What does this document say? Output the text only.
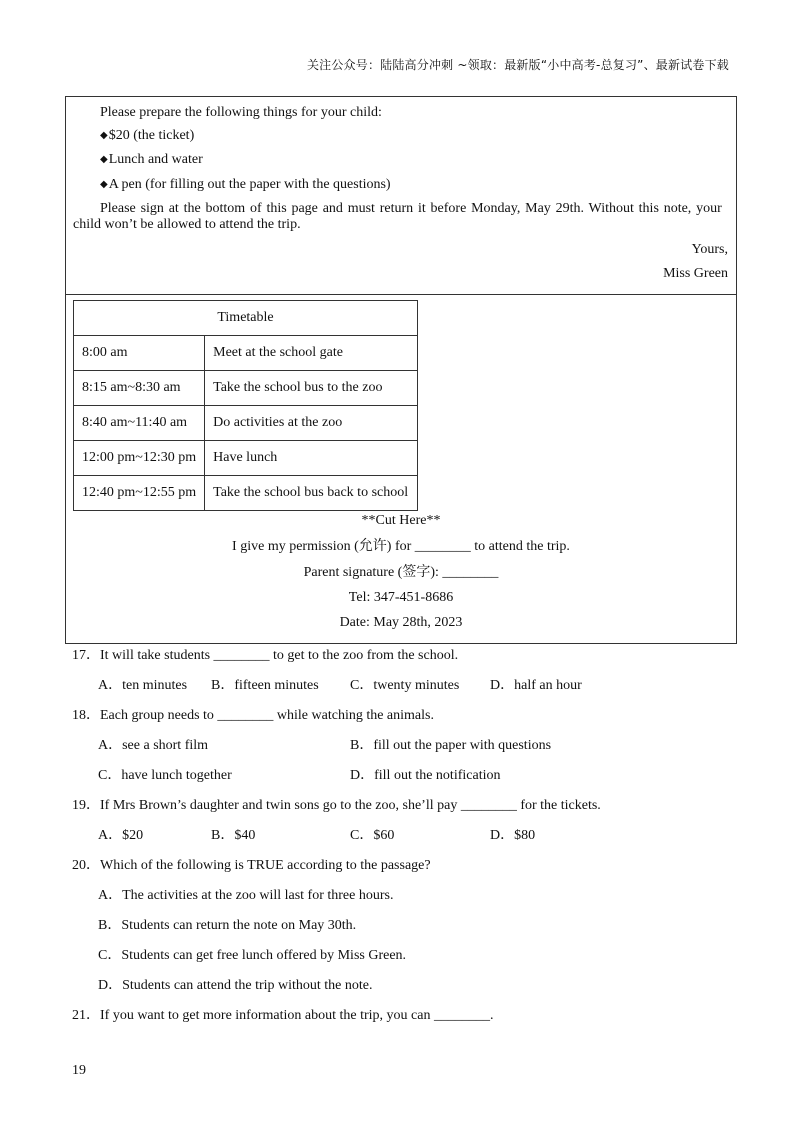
关注公众号：陆陆高分冲刺 ~领取：最新版“小中高考-总复习”、最新试卷下载
Please prepare the following things for your child:
◆$20 (the ticket)
◆Lunch and water
◆A pen (for filling out the paper with the questions)
Please sign at the bottom of this page and must return it before Monday, May 29th. Without this note, your
child won’t be allowed to attend the trip.
Yours,
Miss Green
Timetable	
8:00 am	Meet at the school gate
8:15 am~8:30 am	Take the school bus to the zoo
8:40 am~11:40 am	Do activities at the zoo
12:00 pm~12:30 pm	Have lunch
12:40 pm~12:55 pm	Take the school bus back to school
**Cut Here**
I give my permission (允许) for ________ to attend the trip.
Parent signature (签字): ________
Tel: 347-451-8686
Date: May 28th, 2023
17．It will take students ________ to get to the zoo from the school.
A．ten minutes B．fifteen minutes C．twenty minutes D．half an hour
18．Each group needs to ________ while watching the animals.
A．see a short film	B．fill out the paper with questions
C．have lunch together	D．fill out the notification
19．If Mrs Brown’s daughter and twin sons go to the zoo, she’ll pay ________ for the tickets.
A．$20	B．$40	C．$60	D．$80
20．Which of the following is TRUE according to the passage?
A．The activities at the zoo will last for three hours.
B．Students can return the note on May 30th.
C．Students can get free lunch offered by Miss Green.
D．Students can attend the trip without the note.
21．If you want to get more information about the trip, you can ________.
19
